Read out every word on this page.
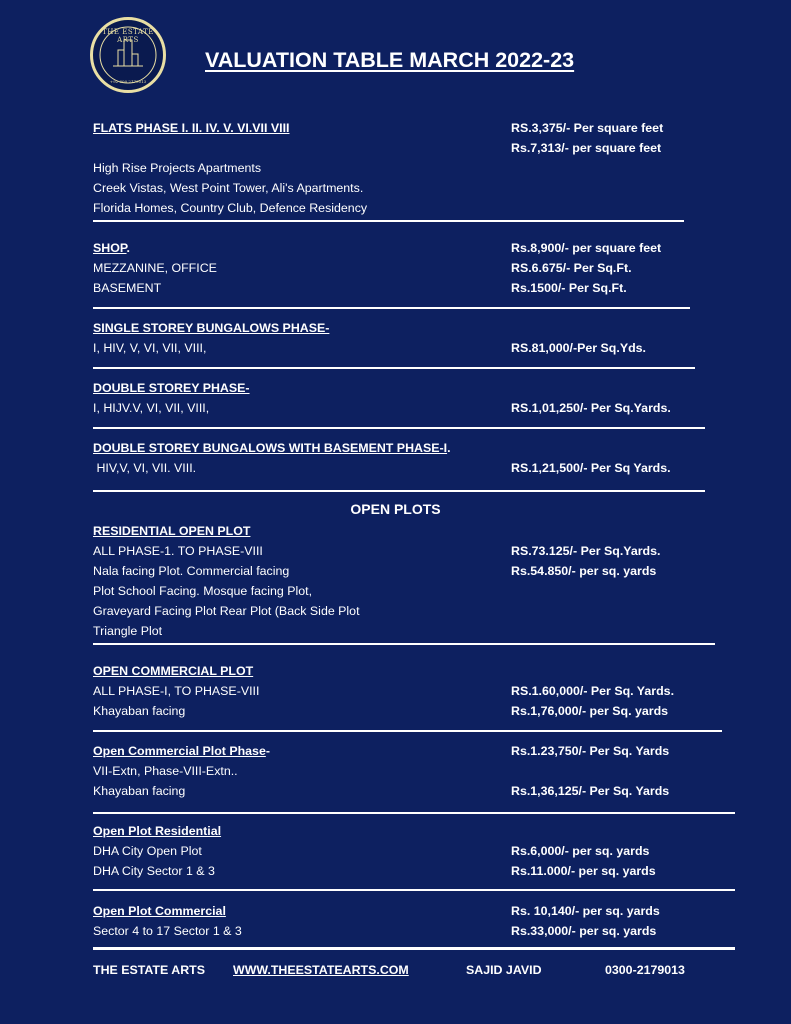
THE ESTATE ARTS
+92 300 2179013
VALUATION TABLE MARCH 2022-23
FLATS PHASE I. II. IV. V. VI.VII VIII	RS.3,375/- Per square feet
Rs.7,313/- per square feet
High Rise Projects Apartments
Creek Vistas, West Point Tower, Ali's Apartments.
Florida Homes, Country Club, Defence Residency
SHOP.	Rs.8,900/- per square feet
MEZZANINE, OFFICE	RS.6.675/- Per Sq.Ft.
BASEMENT	Rs.1500/- Per Sq.Ft.
SINGLE STOREY BUNGALOWS PHASE-
I, HIV, V, VI, VII, VIII,	RS.81,000/-Per Sq.Yds.
DOUBLE STOREY PHASE-
I, HIJV.V, VI, VII, VIII,	RS.1,01,250/- Per Sq.Yards.
DOUBLE STOREY BUNGALOWS WITH BASEMENT PHASE-I.
HIV,V, VI, VII. VIII.	RS.1,21,500/- Per Sq Yards.
OPEN PLOTS
RESIDENTIAL OPEN PLOT
ALL PHASE-1. TO PHASE-VIII	RS.73.125/- Per Sq.Yards.
Nala facing Plot. Commercial facing	Rs.54.850/- per sq. yards
Plot School Facing. Mosque facing Plot,
Graveyard Facing Plot Rear Plot (Back Side Plot
Triangle Plot
OPEN COMMERCIAL PLOT
ALL PHASE-I, TO PHASE-VIII	RS.1.60,000/- Per Sq. Yards.
Khayaban facing	Rs.1,76,000/- per Sq. yards
Open Commercial Plot Phase-	Rs.1.23,750/- Per Sq. Yards
VII-Extn, Phase-VIII-Extn..
Khayaban facing	Rs.1,36,125/- Per Sq. Yards
Open Plot Residential
DHA City Open Plot	Rs.6,000/- per sq. yards
DHA City Sector 1 & 3	Rs.11.000/- per sq. yards
Open Plot Commercial	Rs. 10,140/- per sq. yards
Sector 4 to 17 Sector 1 & 3	Rs.33,000/- per sq. yards
THE ESTATE ARTS WWW.THEESTATEARTS.COM	SAJID JAVID	0300-2179013
